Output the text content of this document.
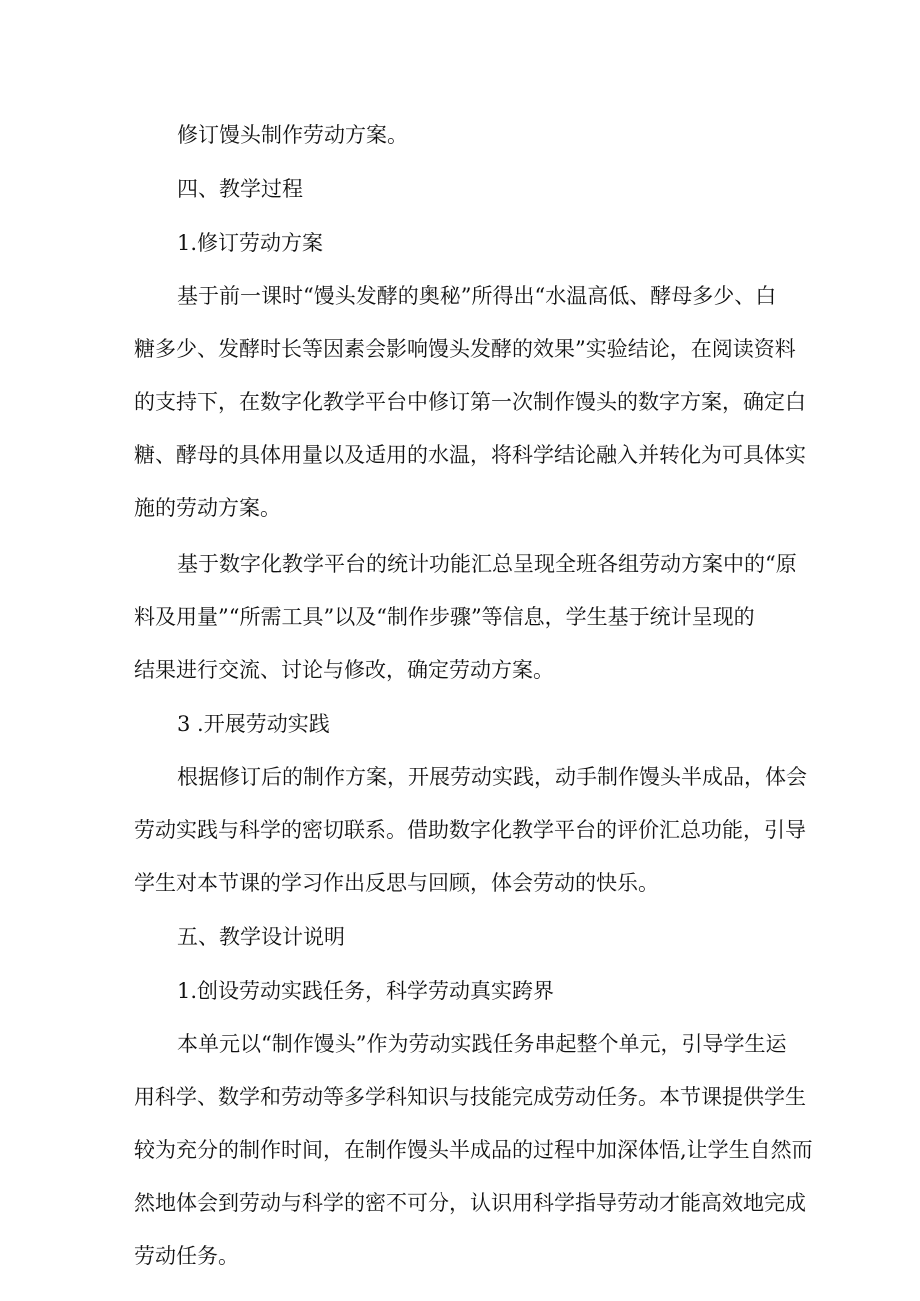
修订馒头制作劳动方案。
四、教学过程
1.修订劳动方案
基于前一课时“馒头发酵的奥秘”所得出“水温高低、酵母多少、白
糖多少、发酵时长等因素会影响馒头发酵的效果”实验结论，在阅读资料
的支持下，在数字化教学平台中修订第一次制作馒头的数字方案，确定白
糖、酵母的具体用量以及适用的水温，将科学结论融入并转化为可具体实
施的劳动方案。
基于数字化教学平台的统计功能汇总呈现全班各组劳动方案中的“原
料及用量”“所需工具”以及“制作步骤”等信息，学生基于统计呈现的
结果进行交流、讨论与修改，确定劳动方案。
3 .开展劳动实践
根据修订后的制作方案，开展劳动实践，动手制作馒头半成品，体会
劳动实践与科学的密切联系。借助数字化教学平台的评价汇总功能，引导
学生对本节课的学习作出反思与回顾，体会劳动的快乐。
五、教学设计说明
1.创设劳动实践任务，科学劳动真实跨界
本单元以“制作馒头”作为劳动实践任务串起整个单元，引导学生运
用科学、数学和劳动等多学科知识与技能完成劳动任务。本节课提供学生
较为充分的制作时间，在制作馒头半成品的过程中加深体悟,让学生自然而
然地体会到劳动与科学的密不可分，认识用科学指导劳动才能高效地完成
劳动任务。
